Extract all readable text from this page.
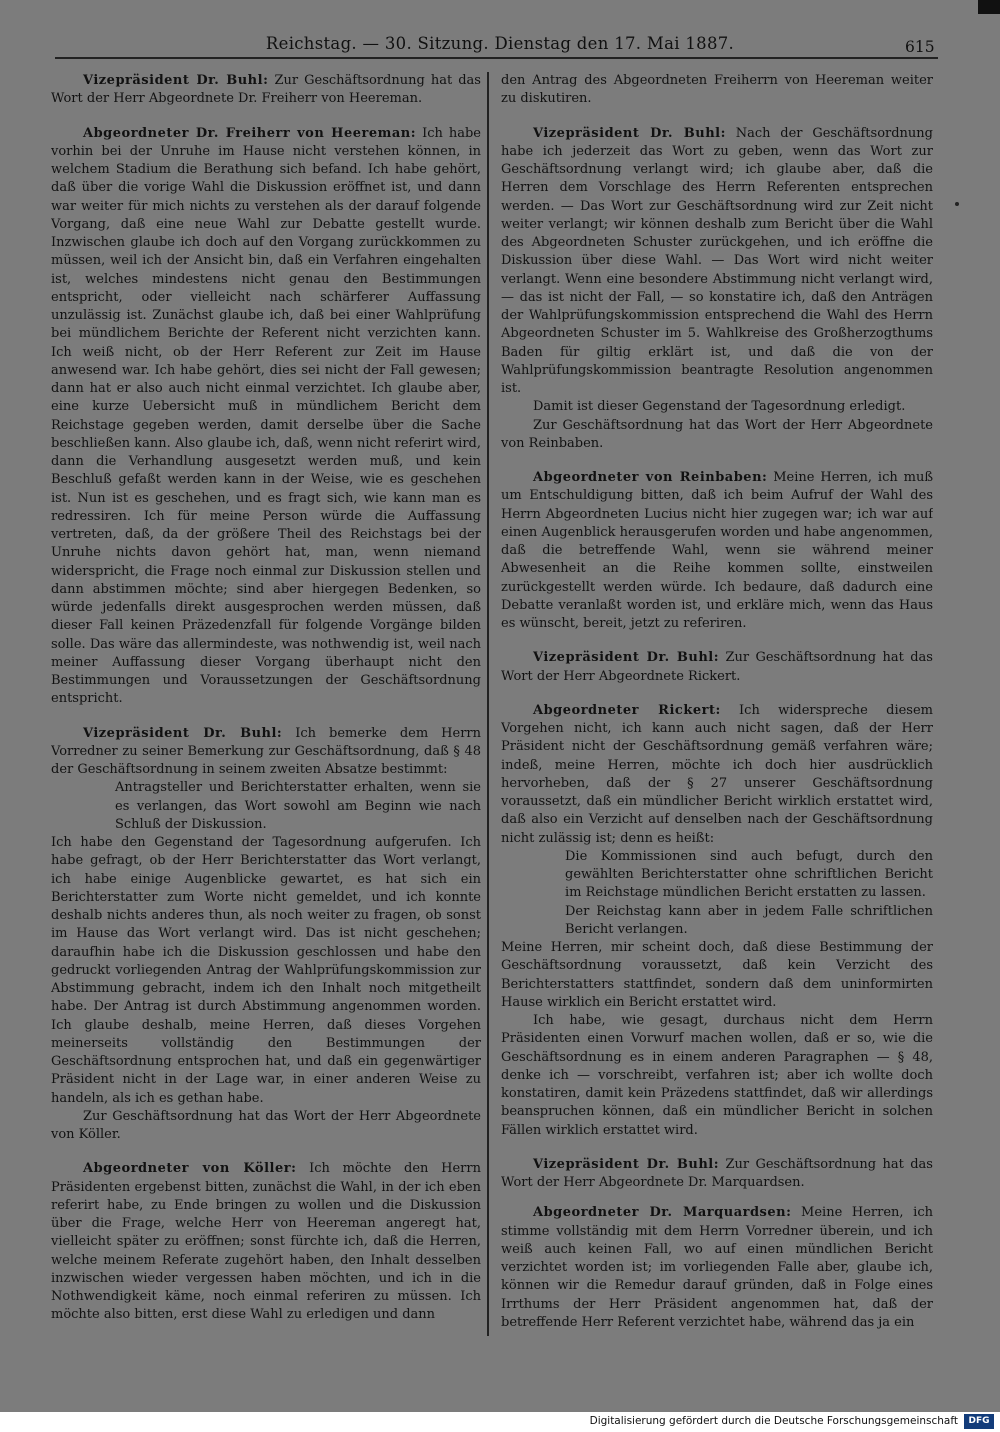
Reichstag. — 30. Sitzung. Dienstag den 17. Mai 1887.	615

Vizepräsident Dr. Buhl: Zur Geschäftsordnung hat das Wort der Herr Abgeordnete Dr. Freiherr von Heereman.

Abgeordneter Dr. Freiherr von Heereman: Ich habe vorhin bei der Unruhe im Hause nicht verstehen können, in welchem Stadium die Berathung sich befand. Ich habe gehört, daß über die vorige Wahl die Diskussion eröffnet ist, und dann war weiter für mich nichts zu verstehen als der darauf folgende Vorgang, daß eine neue Wahl zur Debatte gestellt wurde. Inzwischen glaube ich doch auf den Vorgang zurückkommen zu müssen, weil ich der Ansicht bin, daß ein Verfahren eingehalten ist, welches mindestens nicht genau den Bestimmungen entspricht, oder vielleicht nach schärferer Auffassung unzulässig ist. Zunächst glaube ich, daß bei einer Wahlprüfung bei mündlichem Berichte der Referent nicht verzichten kann. Ich weiß nicht, ob der Herr Referent zur Zeit im Hause anwesend war. Ich habe gehört, dies sei nicht der Fall gewesen; dann hat er also auch nicht einmal verzichtet. Ich glaube aber, eine kurze Uebersicht muß in mündlichem Bericht dem Reichstage gegeben werden, damit derselbe über die Sache beschließen kann. Also glaube ich, daß, wenn nicht referirt wird, dann die Verhandlung ausgesetzt werden muß, und kein Beschluß gefaßt werden kann in der Weise, wie es geschehen ist. Nun ist es geschehen, und es fragt sich, wie kann man es redressiren. Ich für meine Person würde die Auffassung vertreten, daß, da der größere Theil des Reichstags bei der Unruhe nichts davon gehört hat, man, wenn niemand widerspricht, die Frage noch einmal zur Diskussion stellen und dann abstimmen möchte; sind aber hiergegen Bedenken, so würde jedenfalls direkt ausgesprochen werden müssen, daß dieser Fall keinen Präzedenzfall für folgende Vorgänge bilden solle. Das wäre das allermindeste, was nothwendig ist, weil nach meiner Auffassung dieser Vorgang überhaupt nicht den Bestimmungen und Voraussetzungen der Geschäftsordnung entspricht.

Vizepräsident Dr. Buhl: Ich bemerke dem Herrn Vorredner zu seiner Bemerkung zur Geschäftsordnung, daß § 48 der Geschäftsordnung in seinem zweiten Absatze bestimmt:

Antragsteller und Berichterstatter erhalten, wenn sie es verlangen, das Wort sowohl am Beginn wie nach Schluß der Diskussion.

Ich habe den Gegenstand der Tagesordnung aufgerufen. Ich habe gefragt, ob der Herr Berichterstatter das Wort verlangt, ich habe einige Augenblicke gewartet, es hat sich ein Berichterstatter zum Worte nicht gemeldet, und ich konnte deshalb nichts anderes thun, als noch weiter zu fragen, ob sonst im Hause das Wort verlangt wird. Das ist nicht geschehen; daraufhin habe ich die Diskussion geschlossen und habe den gedruckt vorliegenden Antrag der Wahlprüfungskommission zur Abstimmung gebracht, indem ich den Inhalt noch mitgetheilt habe. Der Antrag ist durch Abstimmung angenommen worden. Ich glaube deshalb, meine Herren, daß dieses Vorgehen meinerseits vollständig den Bestimmungen der Geschäftsordnung entsprochen hat, und daß ein gegenwärtiger Präsident nicht in der Lage war, in einer anderen Weise zu handeln, als ich es gethan habe.

Zur Geschäftsordnung hat das Wort der Herr Abgeordnete von Köller.

Abgeordneter von Köller: Ich möchte den Herrn Präsidenten ergebenst bitten, zunächst die Wahl, in der ich eben referirt habe, zu Ende bringen zu wollen und die Diskussion über die Frage, welche Herr von Heereman angeregt hat, vielleicht später zu eröffnen; sonst fürchte ich, daß die Herren, welche meinem Referate zugehört haben, den Inhalt desselben inzwischen wieder vergessen haben möchten, und ich in die Nothwendigkeit käme, noch einmal referiren zu müssen. Ich möchte also bitten, erst diese Wahl zu erledigen und dann

den Antrag des Abgeordneten Freiherrn von Heereman weiter zu diskutiren.

Vizepräsident Dr. Buhl: Nach der Geschäftsordnung habe ich jederzeit das Wort zu geben, wenn das Wort zur Geschäftsordnung verlangt wird; ich glaube aber, daß die Herren dem Vorschlage des Herrn Referenten entsprechen werden. — Das Wort zur Geschäftsordnung wird zur Zeit nicht weiter verlangt; wir können deshalb zum Bericht über die Wahl des Abgeordneten Schuster zurückgehen, und ich eröffne die Diskussion über diese Wahl. — Das Wort wird nicht weiter verlangt. Wenn eine besondere Abstimmung nicht verlangt wird, — das ist nicht der Fall, — so konstatire ich, daß den Anträgen der Wahlprüfungskommission entsprechend die Wahl des Herrn Abgeordneten Schuster im 5. Wahlkreise des Großherzogthums Baden für giltig erklärt ist, und daß die von der Wahlprüfungskommission beantragte Resolution angenommen ist.

Damit ist dieser Gegenstand der Tagesordnung erledigt.

Zur Geschäftsordnung hat das Wort der Herr Abgeordnete von Reinbaben.

Abgeordneter von Reinbaben: Meine Herren, ich muß um Entschuldigung bitten, daß ich beim Aufruf der Wahl des Herrn Abgeordneten Lucius nicht hier zugegen war; ich war auf einen Augenblick herausgerufen worden und habe angenommen, daß die betreffende Wahl, wenn sie während meiner Abwesenheit an die Reihe kommen sollte, einstweilen zurückgestellt werden würde. Ich bedaure, daß dadurch eine Debatte veranlaßt worden ist, und erkläre mich, wenn das Haus es wünscht, bereit, jetzt zu referiren.

Vizepräsident Dr. Buhl: Zur Geschäftsordnung hat das Wort der Herr Abgeordnete Rickert.

Abgeordneter Rickert: Ich widerspreche diesem Vorgehen nicht, ich kann auch nicht sagen, daß der Herr Präsident nicht der Geschäftsordnung gemäß verfahren wäre; indeß, meine Herren, möchte ich doch hier ausdrücklich hervorheben, daß der § 27 unserer Geschäftsordnung voraussetzt, daß ein mündlicher Bericht wirklich erstattet wird, daß also ein Verzicht auf denselben nach der Geschäftsordnung nicht zulässig ist; denn es heißt:

Die Kommissionen sind auch befugt, durch den gewählten Berichterstatter ohne schriftlichen Bericht im Reichstage mündlichen Bericht erstatten zu lassen.

Der Reichstag kann aber in jedem Falle schriftlichen Bericht verlangen.

Meine Herren, mir scheint doch, daß diese Bestimmung der Geschäftsordnung voraussetzt, daß kein Verzicht des Berichterstatters stattfindet, sondern daß dem uninformirten Hause wirklich ein Bericht erstattet wird.

Ich habe, wie gesagt, durchaus nicht dem Herrn Präsidenten einen Vorwurf machen wollen, daß er so, wie die Geschäftsordnung es in einem anderen Paragraphen — § 48, denke ich — vorschreibt, verfahren ist; aber ich wollte doch konstatiren, damit kein Präzedens stattfindet, daß wir allerdings beanspruchen können, daß ein mündlicher Bericht in solchen Fällen wirklich erstattet wird.

Vizepräsident Dr. Buhl: Zur Geschäftsordnung hat das Wort der Herr Abgeordnete Dr. Marquardsen.

Abgeordneter Dr. Marquardsen: Meine Herren, ich stimme vollständig mit dem Herrn Vorredner überein, und ich weiß auch keinen Fall, wo auf einen mündlichen Bericht verzichtet worden ist; im vorliegenden Falle aber, glaube ich, können wir die Remedur darauf gründen, daß in Folge eines Irrthums der Herr Präsident angenommen hat, daß der betreffende Herr Referent verzichtet habe, während das ja ein

Digitalisierung gefördert durch die Deutsche Forschungsgemeinschaft	DFG
